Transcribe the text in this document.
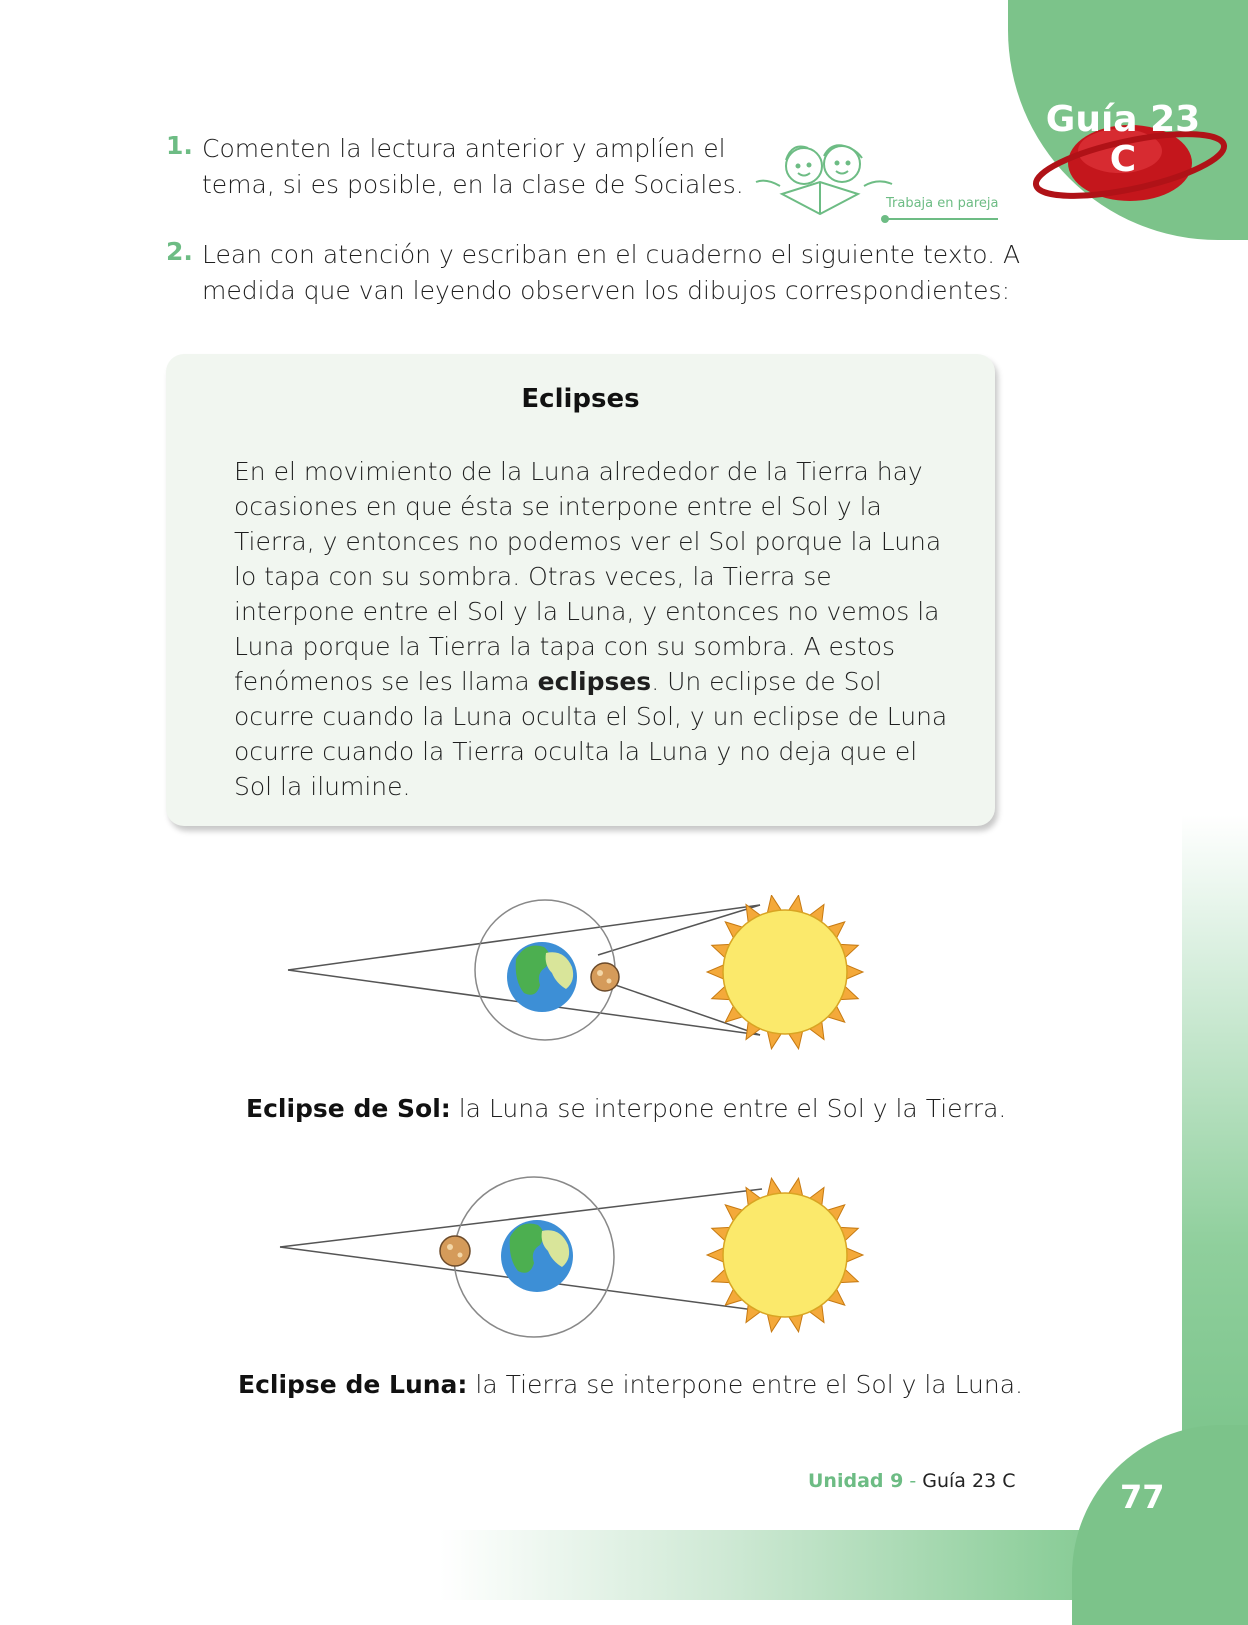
Guía 23
C
1. Comenten la lectura anterior y amplíen el
tema, si es posible, en la clase de Sociales.
Trabaja en pareja
2. Lean con atención y escriban en el cuaderno el siguiente texto. A
medida que van leyendo observen los dibujos correspondientes:
Eclipses
En el movimiento de la Luna alrededor de la Tierra hay ocasiones en que ésta se interpone entre el Sol y la Tierra, y entonces no podemos ver el Sol porque la Luna lo tapa con su sombra. Otras veces, la Tierra se interpone entre el Sol y la Luna, y entonces no vemos la Luna porque la Tierra la tapa con su sombra. A estos fenómenos se les llama eclipses. Un eclipse de Sol ocurre cuando la Luna oculta el Sol, y un eclipse de Luna ocurre cuando la Tierra oculta la Luna y no deja que el Sol la ilumine.
Eclipse de Sol: la Luna se interpone entre el Sol y la Tierra.
Eclipse de Luna: la Tierra se interpone entre el Sol y la Luna.
Unidad 9 - Guía 23 C	77
